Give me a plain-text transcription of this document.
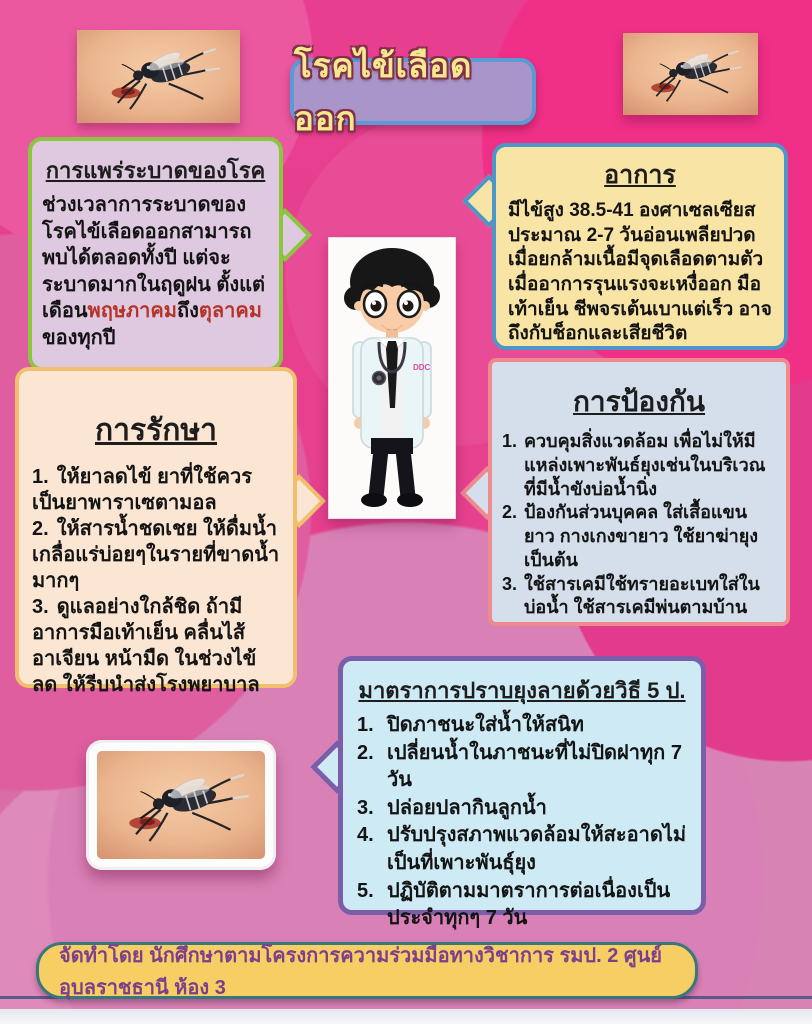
โรคไข้เลือดออก
การแพร่ระบาดของโรค

ช่วงเวลาการระบาดของโรคไข้เลือดออกสามารถพบได้ตลอดทั้งปี แต่จะระบาดมากในฤดูฝน ตั้งแต่เดือนพฤษภาคมถึงตุลาคมของทุกปี

อาการ

มีไข้สูง 38.5-41 องศาเซลเซียส ประมาณ 2-7 วันอ่อนเพลียปวดเมื่อยกล้ามเนื้อมีจุดเลือดตามตัวเมื่ออาการรุนแรงจะเหงื่ออก มือเท้าเย็น ชีพจรเต้นเบาแต่เร็ว อาจถึงกับช็อกและเสียชีวิต

DDC
การรักษา

1. ให้ยาลดไข้ ยาที่ใช้ควรเป็นยาพาราเซตามอล

2. ให้สารน้ำชดเชย ให้ดื่มน้ำเกลื่อแร่บ่อยๆในรายที่ขาดน้ำมากๆ

3. ดูแลอย่างใกล้ชิด ถ้ามีอาการมือเท้าเย็น คลื่นไส้ อาเจียน หน้ามืด ในช่วงไข้ลด ให้รีบนำส่งโรงพยาบาล

การป้องกัน
1. ควบคุมสิ่งแวดล้อม เพื่อไม่ให้มีแหล่งเพาะพันธ์ยุงเช่นในบริเวณที่มีน้ำขังบ่อน้ำนิ่ง
2. ป้องกันส่วนบุคคล ใส่เสื้อแขนยาว กางเกงขายาว ใช้ยาฆ่ายุง เป็นต้น
3. ใช้สารเคมีใช้ทรายอะเบทใส่ในบ่อน้ำ ใช้สารเคมีพ่นตามบ้าน
มาตราการปราบยุงลายด้วยวิธี 5 ป.
1. ปิดภาชนะใส่น้ำให้สนิท
2. เปลี่ยนน้ำในภาชนะที่ไม่ปิดฝาทุก 7 วัน
3. ปล่อยปลากินลูกน้ำ
4. ปรับปรุงสภาพแวดล้อมให้สะอาดไม่เป็นที่เพาะพันธุ์ยุง
5. ปฏิบัติตามมาตราการต่อเนื่องเป็นประจำทุกๆ 7 วัน
จัดทำโดย นักศึกษาตามโครงการความร่วมมือทางวิชาการ รมป. 2 ศูนย์อุบลราชธานี ห้อง 3
